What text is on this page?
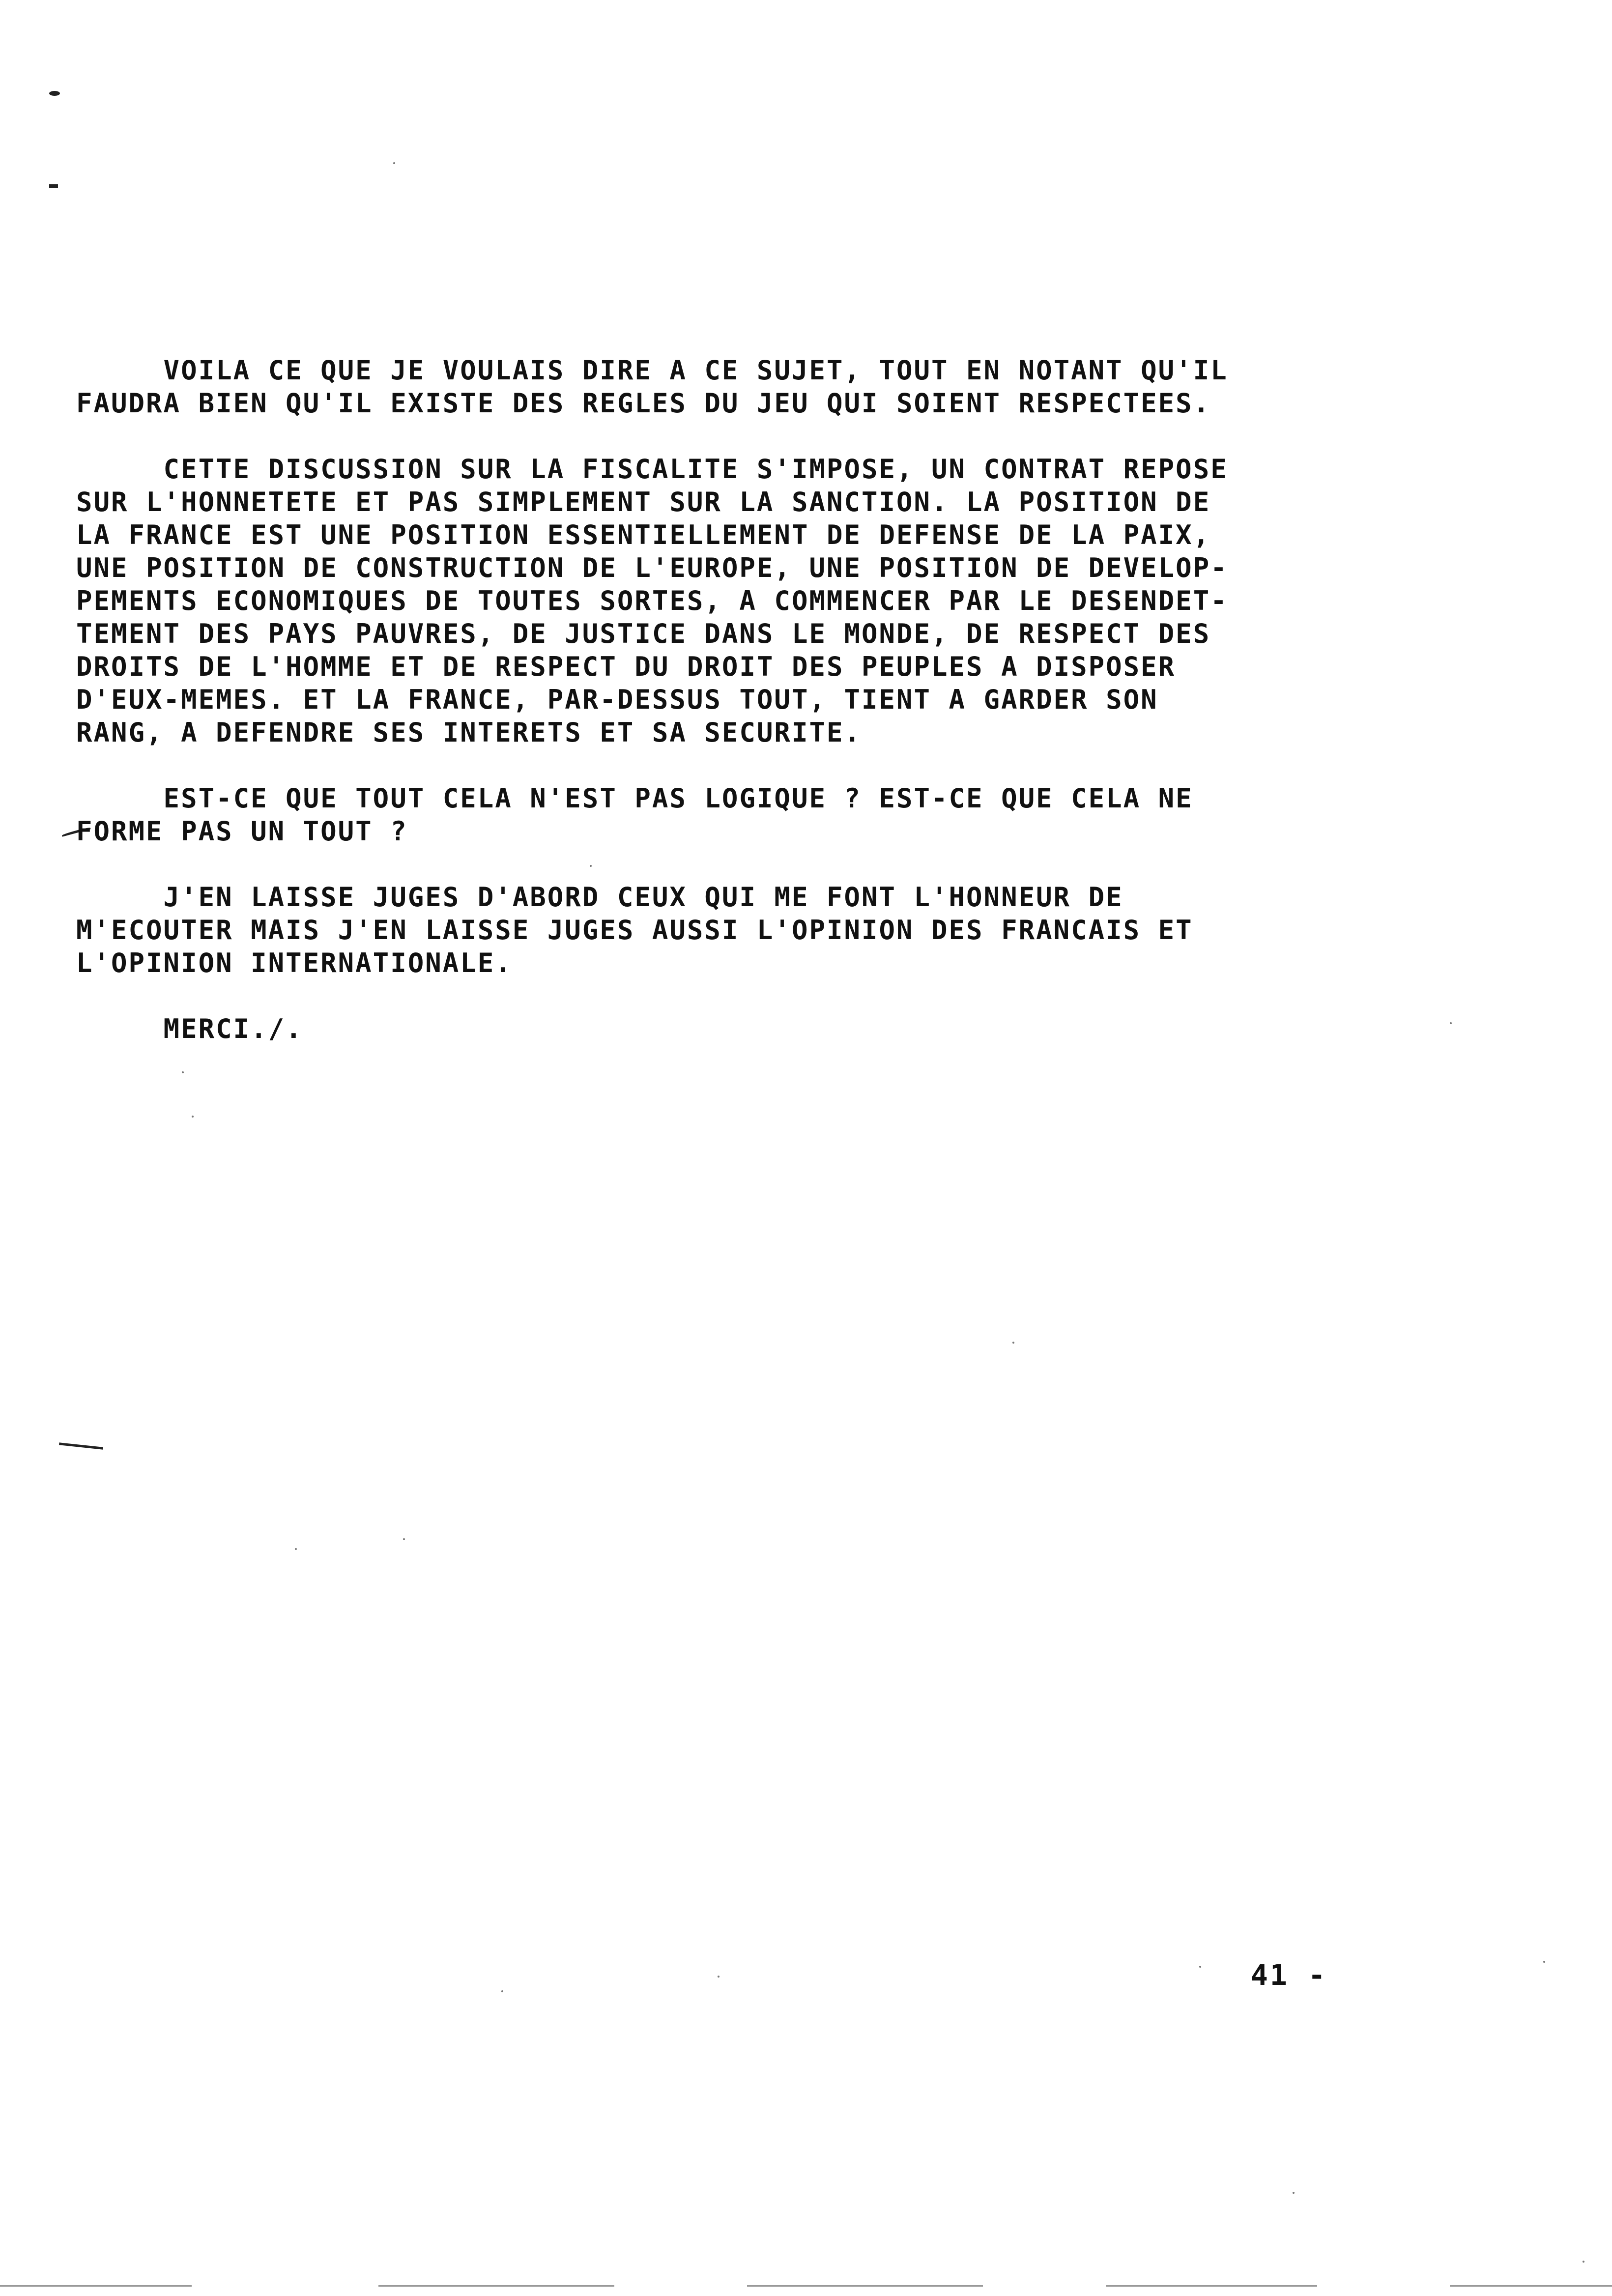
VOILA CE QUE JE VOULAIS DIRE A CE SUJET, TOUT EN NOTANT QU'IL
FAUDRA BIEN QU'IL EXISTE DES REGLES DU JEU QUI SOIENT RESPECTEES.

CETTE DISCUSSION SUR LA FISCALITE S'IMPOSE, UN CONTRAT REPOSE
SUR L'HONNETETE ET PAS SIMPLEMENT SUR LA SANCTION. LA POSITION DE
LA FRANCE EST UNE POSITION ESSENTIELLEMENT DE DEFENSE DE LA PAIX,
UNE POSITION DE CONSTRUCTION DE L'EUROPE, UNE POSITION DE DEVELOP-
PEMENTS ECONOMIQUES DE TOUTES SORTES, A COMMENCER PAR LE DESENDET-
TEMENT DES PAYS PAUVRES, DE JUSTICE DANS LE MONDE, DE RESPECT DES
DROITS DE L'HOMME ET DE RESPECT DU DROIT DES PEUPLES A DISPOSER
D'EUX-MEMES. ET LA FRANCE, PAR-DESSUS TOUT, TIENT A GARDER SON
RANG, A DEFENDRE SES INTERETS ET SA SECURITE.

EST-CE QUE TOUT CELA N'EST PAS LOGIQUE ? EST-CE QUE CELA NE
FORME PAS UN TOUT ?

J'EN LAISSE JUGES D'ABORD CEUX QUI ME FONT L'HONNEUR DE
M'ECOUTER MAIS J'EN LAISSE JUGES AUSSI L'OPINION DES FRANCAIS ET
L'OPINION INTERNATIONALE.

MERCI./.

41 -
